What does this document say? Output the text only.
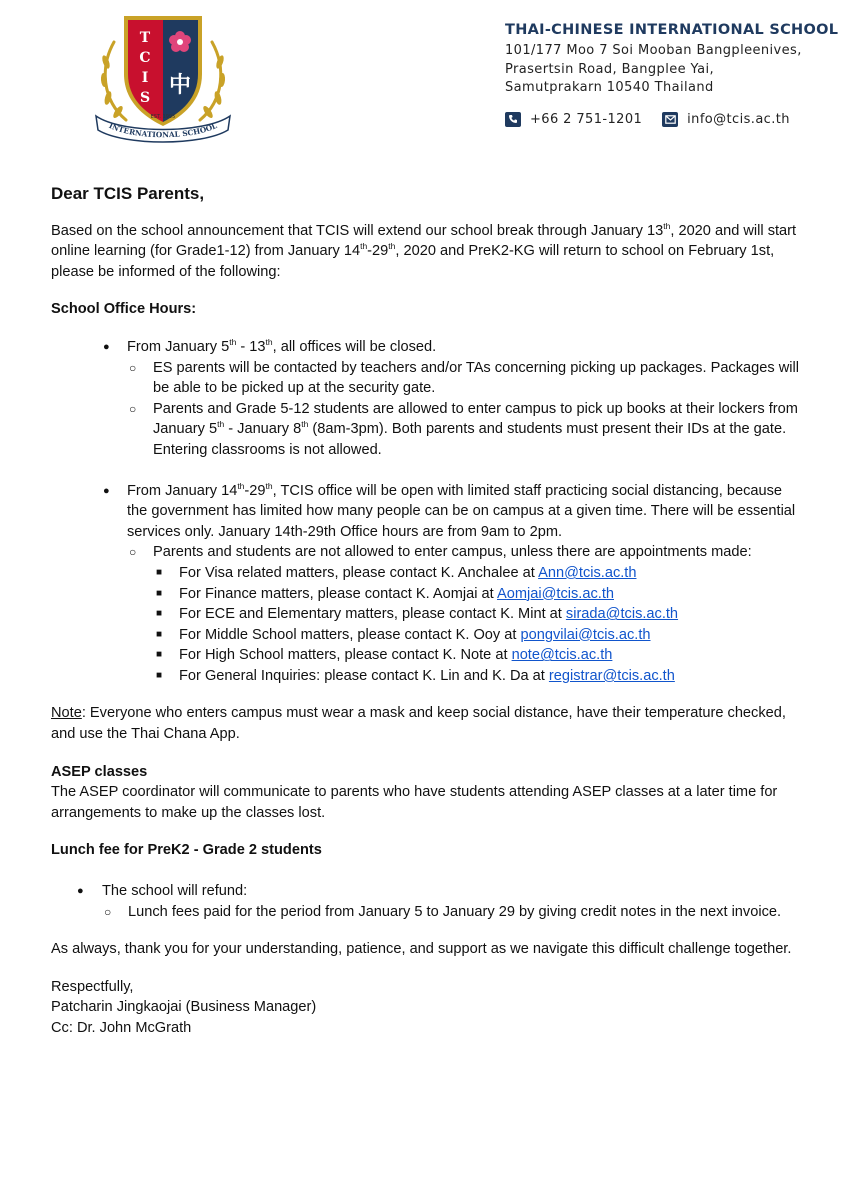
T
C
I
S 中
EST. 1995
INTERNATIONAL SCHOOL
THAI-CHINESE INTERNATIONAL SCHOOL
101/177 Moo 7 Soi Mooban Bangpleenives,
Prasertsin Road, Bangplee Yai,
Samutprakarn 10540 Thailand
+66 2 751-1201	info@tcis.ac.th

Dear TCIS Parents,

Based on the school announcement that TCIS will extend our school break through January 13th, 2020 and will start online learning (for Grade1-12) from January 14th-29th, 2020 and PreK2-KG will return to school on February 1st, please be informed of the following:

School Office Hours:

● From January 5th - 13th, all offices will be closed.
○ ES parents will be contacted by teachers and/or TAs concerning picking up packages. Packages will be able to be picked up at the security gate.
○ Parents and Grade 5-12 students are allowed to enter campus to pick up books at their lockers from January 5th - January 8th (8am-3pm). Both parents and students must present their IDs at the gate. Entering classrooms is not allowed.
● From January 14th-29th, TCIS office will be open with limited staff practicing social distancing, because the government has limited how many people can be on campus at a given time. There will be essential services only. January 14th-29th Office hours are from 9am to 2pm.
○ Parents and students are not allowed to enter campus, unless there are appointments made:
■ For Visa related matters, please contact K. Anchalee at Ann@tcis.ac.th
■ For Finance matters, please contact K. Aomjai at Aomjai@tcis.ac.th
■ For ECE and Elementary matters, please contact K. Mint at sirada@tcis.ac.th
■ For Middle School matters, please contact K. Ooy at pongvilai@tcis.ac.th
■ For High School matters, please contact K. Note at note@tcis.ac.th
■ For General Inquiries: please contact K. Lin and K. Da at registrar@tcis.ac.th

Note: Everyone who enters campus must wear a mask and keep social distance, have their temperature checked, and use the Thai Chana App.

ASEP classes

The ASEP coordinator will communicate to parents who have students attending ASEP classes at a later time for arrangements to make up the classes lost.

Lunch fee for PreK2 - Grade 2 students

● The school will refund:
○ Lunch fees paid for the period from January 5 to January 29 by giving credit notes in the next invoice.

As always, thank you for your understanding, patience, and support as we navigate this difficult challenge together.

Respectfully,

Patcharin Jingkaojai (Business Manager)

Cc: Dr. John McGrath
